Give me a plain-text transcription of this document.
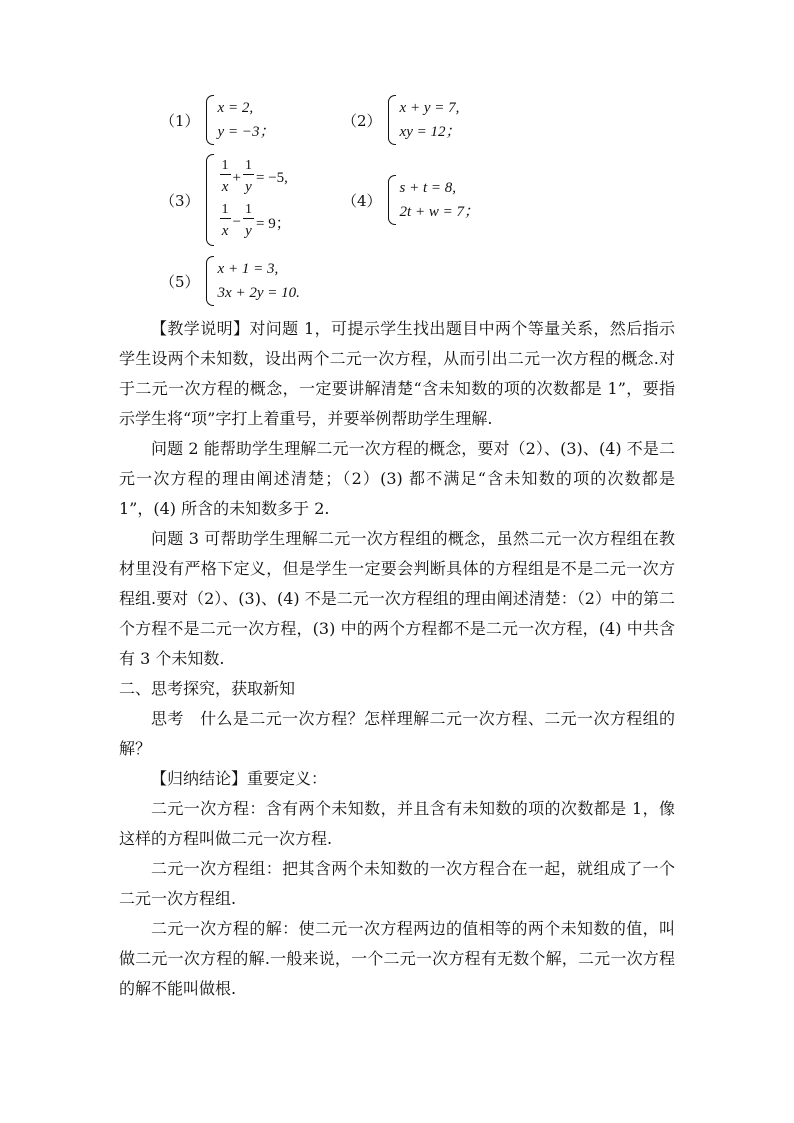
（1）
x = 2,
y = −3；
（2）
x + y = 7,
xy = 12；
（3）
$\frac{1}{x} + \frac{1}{y} = -5$,
$\frac{1}{x} - \frac{1}{y} = 9$；
（4）
s + t = 8,
2t + w = 7；
（5）
x + 1 = 3,
3x + 2y = 10.

【教学说明】对问题 1，可提示学生找出题目中两个等量关系，然后指示学生设两个未知数，设出两个二元一次方程，从而引出二元一次方程的概念.对于二元一次方程的概念，一定要讲解清楚“含未知数的项的次数都是 1”，要指示学生将“项”字打上着重号，并要举例帮助学生理解.

问题 2 能帮助学生理解二元一次方程的概念，要对（2）、(3)、(4) 不是二元一次方程的理由阐述清楚；（2）(3) 都不满足“含未知数的项的次数都是 1”，(4) 所含的未知数多于 2.

问题 3 可帮助学生理解二元一次方程组的概念，虽然二元一次方程组在教材里没有严格下定义，但是学生一定要会判断具体的方程组是不是二元一次方程组.要对（2）、(3)、(4) 不是二元一次方程组的理由阐述清楚：（2）中的第二个方程不是二元一次方程，(3) 中的两个方程都不是二元一次方程，(4) 中共含有 3 个未知数.

二、思考探究，获取新知

思考　什么是二元一次方程？怎样理解二元一次方程、二元一次方程组的解？

【归纳结论】重要定义：

二元一次方程：含有两个未知数，并且含有未知数的项的次数都是 1，像这样的方程叫做二元一次方程.

二元一次方程组：把其含两个未知数的一次方程合在一起，就组成了一个二元一次方程组.

二元一次方程的解：使二元一次方程两边的值相等的两个未知数的值，叫做二元一次方程的解.一般来说，一个二元一次方程有无数个解，二元一次方程的解不能叫做根.
